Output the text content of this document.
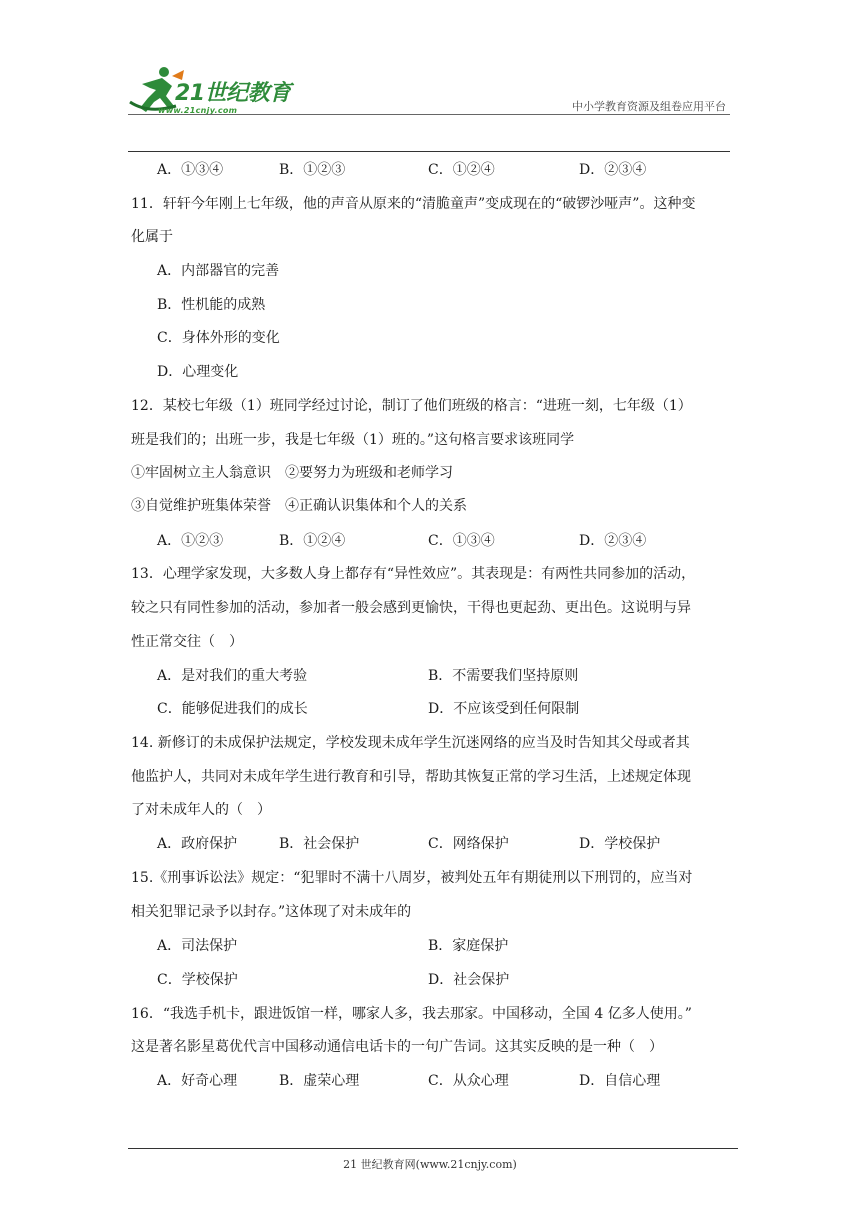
21世纪教育
www.21cnjy.com	中小学教育资源及组卷应用平台
A．①③④	B．①②③	C．①②④	D．②③④
11．轩轩今年刚上七年级，他的声音从原来的“清脆童声”变成现在的“破锣沙哑声”。这种变
化属于
A．内部器官的完善
B．性机能的成熟
C．身体外形的变化
D．心理变化
12．某校七年级（1）班同学经过讨论，制订了他们班级的格言：“进班一刻，七年级（1）
班是我们的；出班一步，我是七年级（1）班的。”这句格言要求该班同学
①牢固树立主人翁意识　②要努力为班级和老师学习
③自觉维护班集体荣誉　④正确认识集体和个人的关系
A．①②③	B．①②④	C．①③④	D．②③④
13．心理学家发现，大多数人身上都存有“异性效应”。其表现是：有两性共同参加的活动，
较之只有同性参加的活动，参加者一般会感到更愉快，干得也更起劲、更出色。这说明与异
性正常交往（　）
A．是对我们的重大考验	B．不需要我们坚持原则
C．能够促进我们的成长	D．不应该受到任何限制
14. 新修订的未成保护法规定，学校发现未成年学生沉迷网络的应当及时告知其父母或者其
他监护人，共同对未成年学生进行教育和引导，帮助其恢复正常的学习生活，上述规定体现
了对未成年人的（　）
A．政府保护	B．社会保护	C．网络保护	D．学校保护
15.《刑事诉讼法》规定：“犯罪时不满十八周岁，被判处五年有期徒刑以下刑罚的，应当对
相关犯罪记录予以封存。”这体现了对未成年的
A．司法保护	B．家庭保护
C．学校保护	D．社会保护
16．“我选手机卡，跟进饭馆一样，哪家人多，我去那家。中国移动，全国 4 亿多人使用。”
这是著名影星葛优代言中国移动通信电话卡的一句广告词。这其实反映的是一种（　）
A．好奇心理	B．虚荣心理	C．从众心理	D．自信心理
21 世纪教育网(www.21cnjy.com)
